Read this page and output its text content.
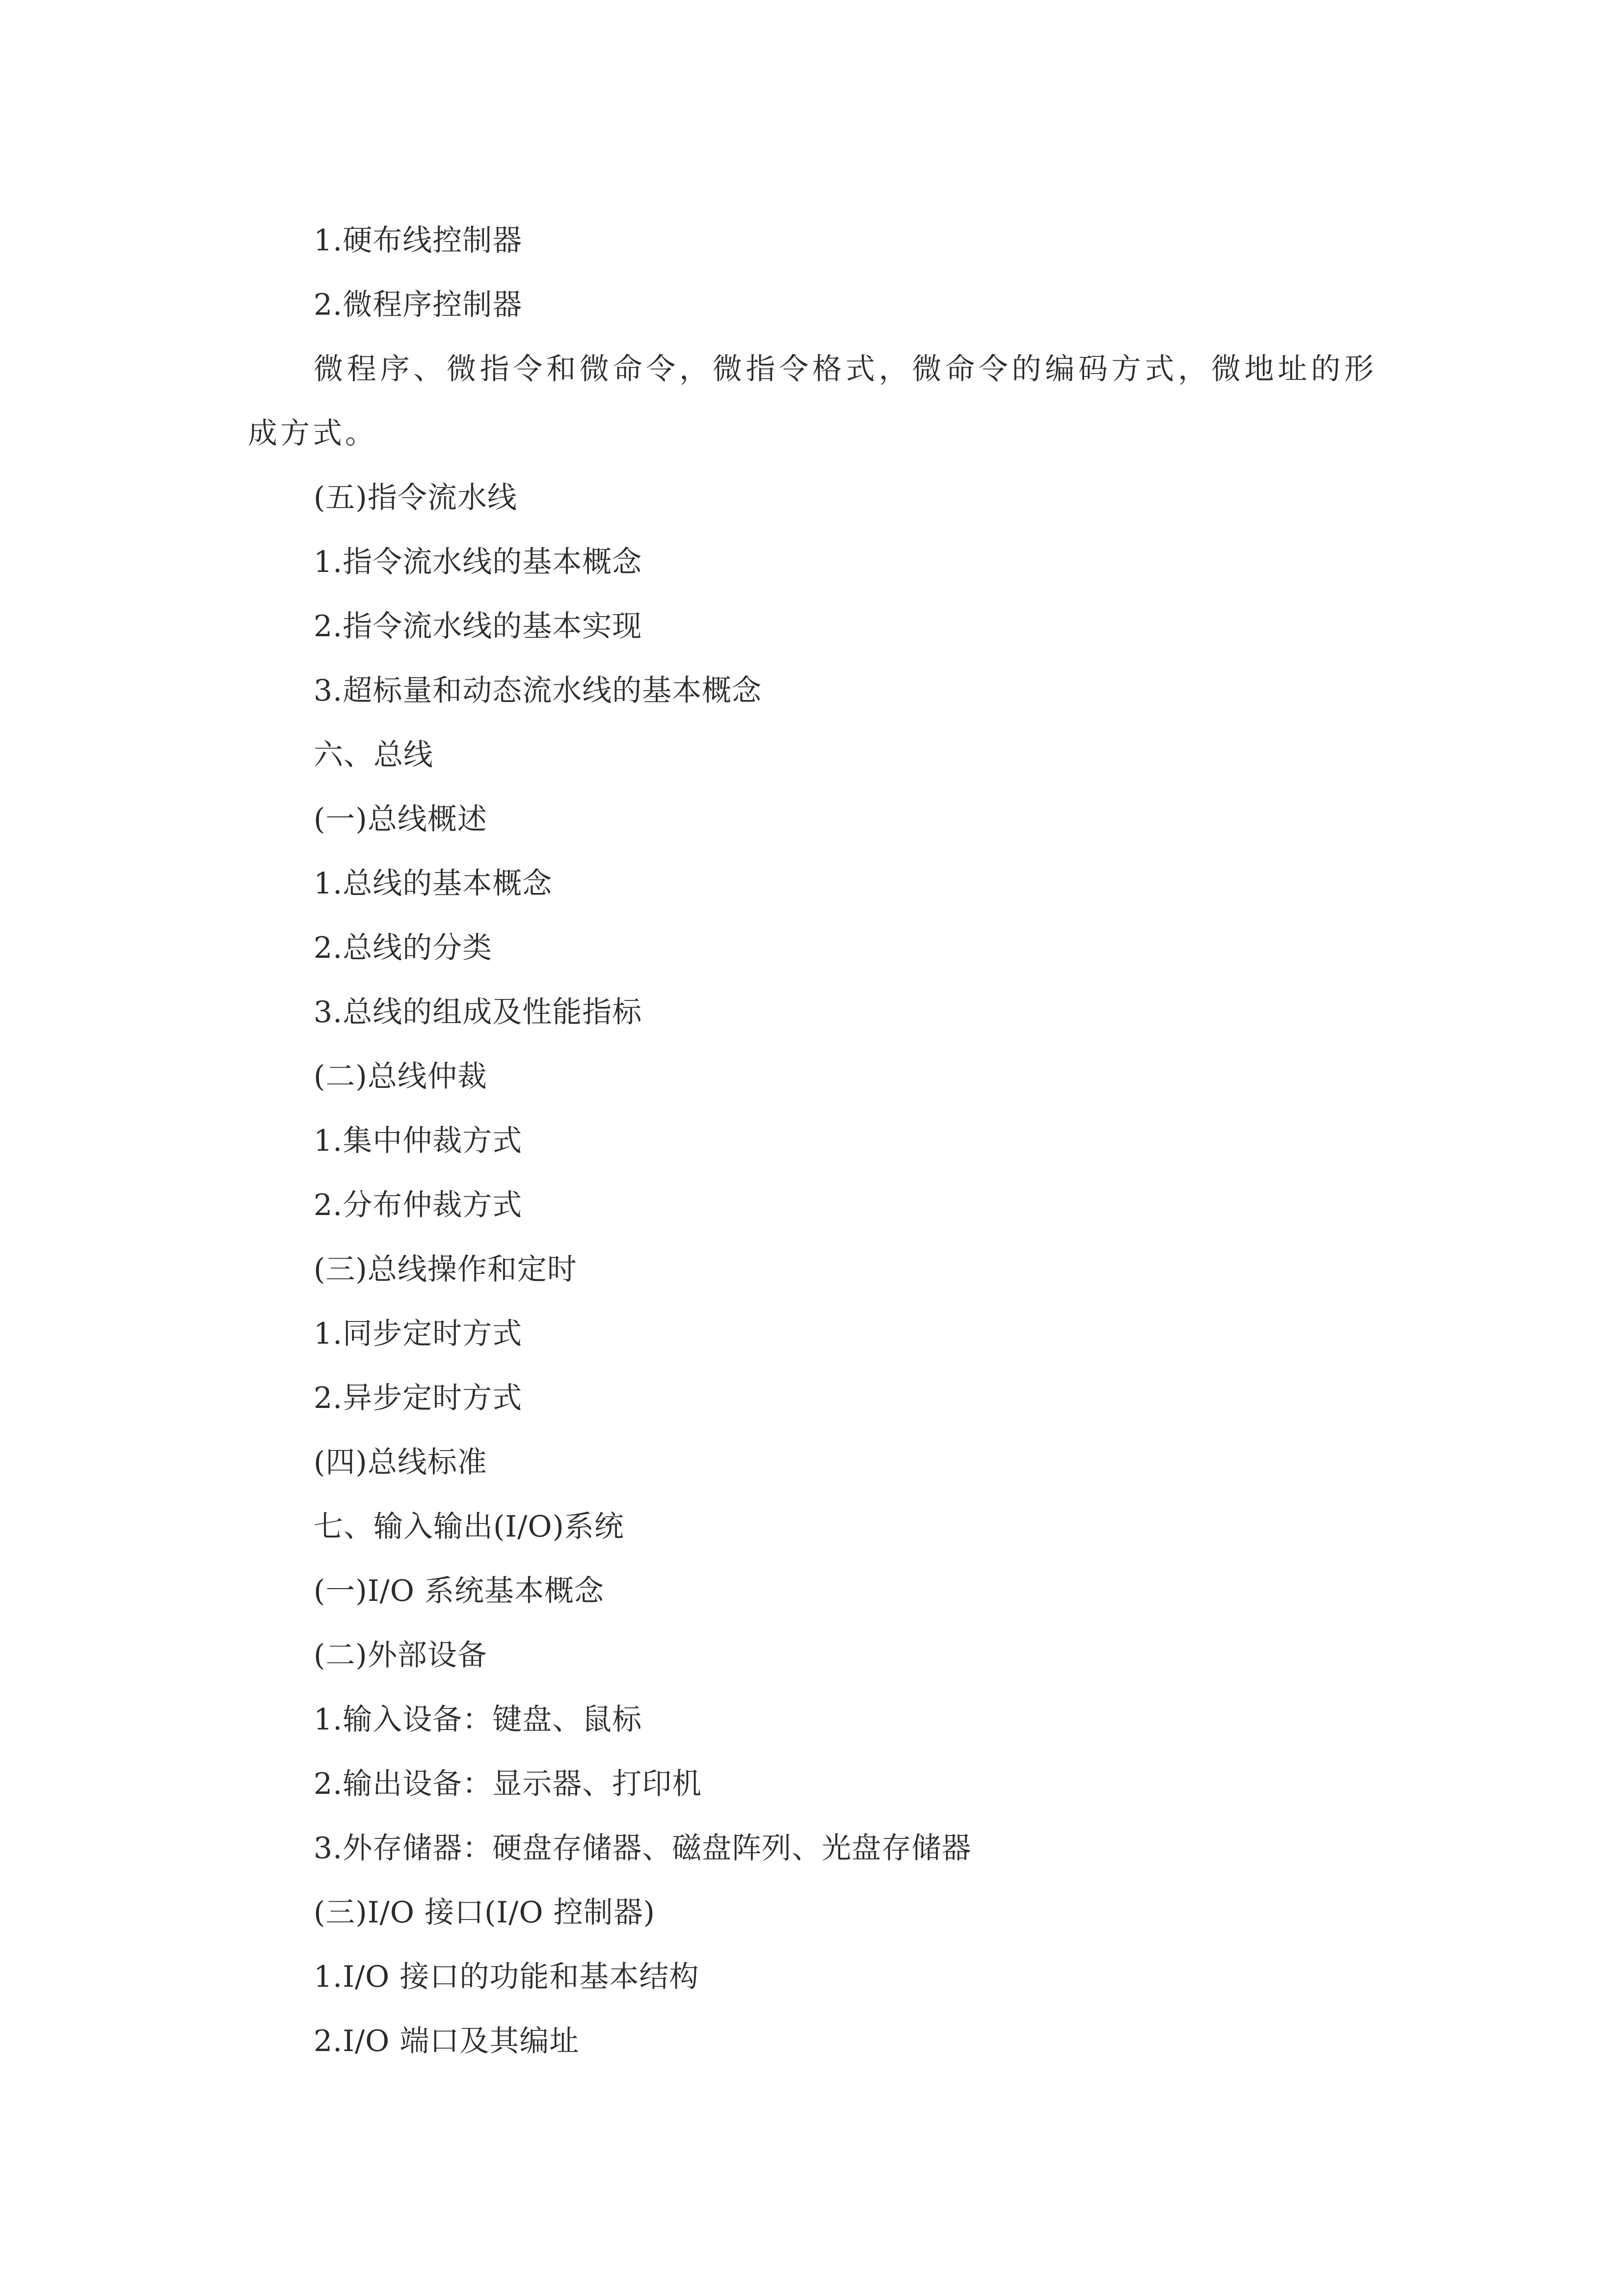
1.硬布线控制器
2.微程序控制器
微程序、微指令和微命令，微指令格式，微命令的编码方式，微地址的形成方式。
(五)指令流水线
1.指令流水线的基本概念
2.指令流水线的基本实现
3.超标量和动态流水线的基本概念
六、总线
(一)总线概述
1.总线的基本概念
2.总线的分类
3.总线的组成及性能指标
(二)总线仲裁
1.集中仲裁方式
2.分布仲裁方式
(三)总线操作和定时
1.同步定时方式
2.异步定时方式
(四)总线标准
七、输入输出(I/O)系统
(一)I/O 系统基本概念
(二)外部设备
1.输入设备：键盘、鼠标
2.输出设备：显示器、打印机
3.外存储器：硬盘存储器、磁盘阵列、光盘存储器
(三)I/O 接口(I/O 控制器)
1.I/O 接口的功能和基本结构
2.I/O 端口及其编址
